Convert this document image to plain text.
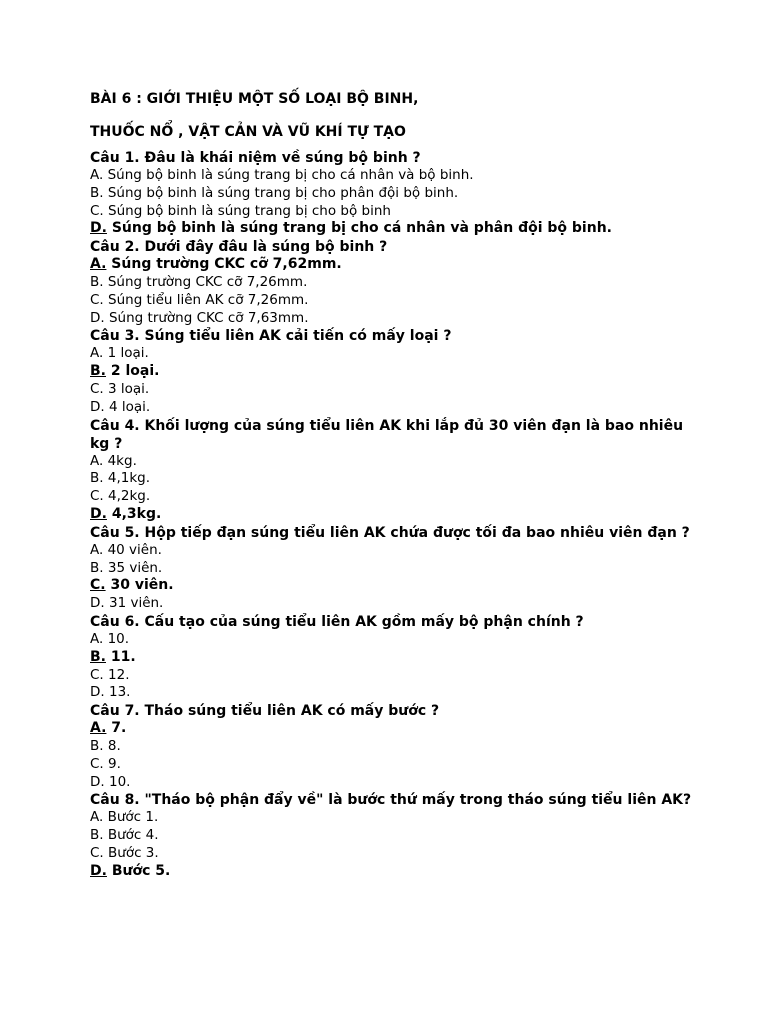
BÀI 6 : GIỚI THIỆU MỘT SỐ LOẠI BỘ BINH,

THUỐC NỔ , VẬT CẢN VÀ VŨ KHÍ TỰ TẠO

Câu 1. Đâu là khái niệm về súng bộ binh ?

A. Súng bộ binh là súng trang bị cho cá nhân và bộ binh.

B. Súng bộ binh là súng trang bị cho phân đội bộ binh.

C. Súng bộ binh là súng trang bị cho bộ binh

D. Súng bộ binh là súng trang bị cho cá nhân và phân đội bộ binh.

Câu 2. Dưới đây đâu là súng bộ binh ?

A. Súng trường CKC cỡ 7,62mm.

B. Súng trường CKC cỡ 7,26mm.

C. Súng tiểu liên AK cỡ 7,26mm.

D. Súng trường CKC cỡ 7,63mm.

Câu 3. Súng tiểu liên AK cải tiến có mấy loại ?

A. 1 loại.

B. 2 loại.

C. 3 loại.

D. 4 loại.

Câu 4. Khối lượng của súng tiểu liên AK khi lắp đủ 30 viên đạn là bao nhiêu kg ?

A. 4kg.

B. 4,1kg.

C. 4,2kg.

D. 4,3kg.

Câu 5. Hộp tiếp đạn súng tiểu liên AK chứa được tối đa bao nhiêu viên đạn ?

A. 40 viên.

B. 35 viên.

C. 30 viên.

D. 31 viên.

Câu 6. Cấu tạo của súng tiểu liên AK gồm mấy bộ phận chính ?

A. 10.

B. 11.

C. 12.

D. 13.

Câu 7. Tháo súng tiểu liên AK có mấy bước ?

A. 7.

B. 8.

C. 9.

D. 10.

Câu 8. "Tháo bộ phận đẩy về" là bước thứ mấy trong tháo súng tiểu liên AK?

A. Bước 1.

B. Bước 4.

C. Bước 3.

D. Bước 5.
